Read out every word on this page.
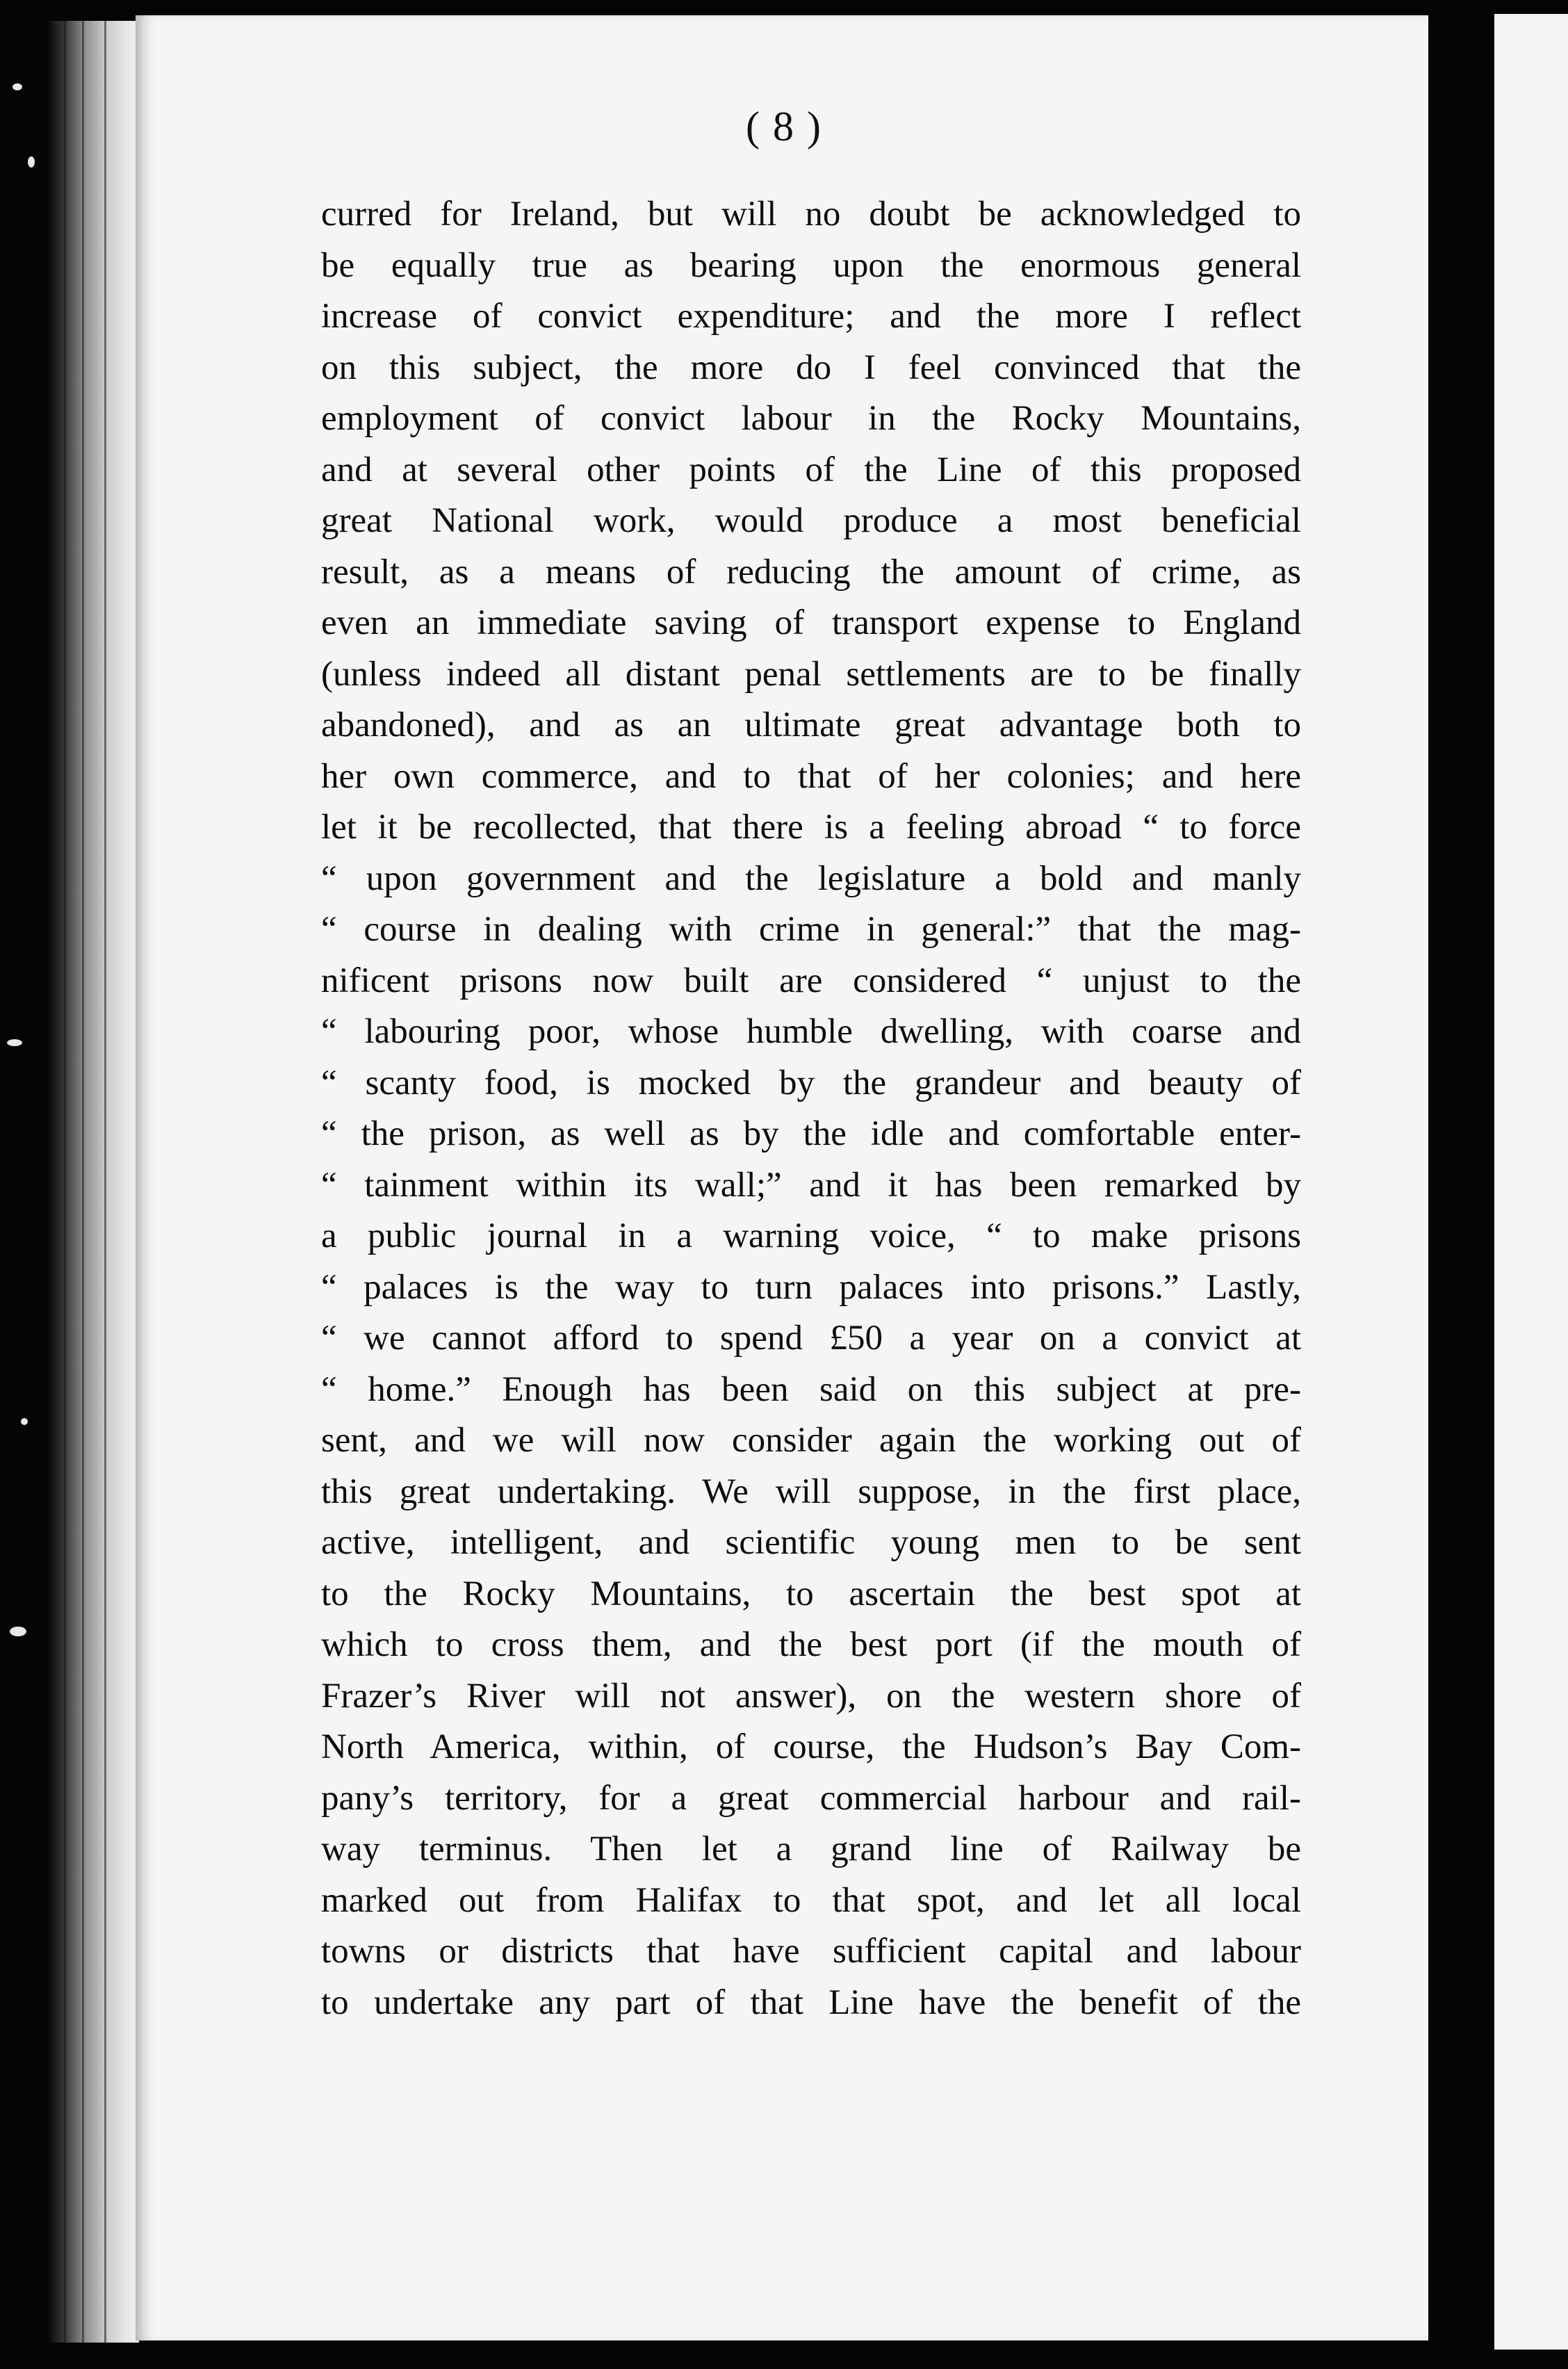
( 8 )
curred for Ireland, but will no doubt be acknowledged to
be equally true as bearing upon the enormous general
increase of convict expenditure; and the more I reflect
on this subject, the more do I feel convinced that the
employment of convict labour in the Rocky Mountains,
and at several other points of the Line of this proposed
great National work, would produce a most beneficial
result, as a means of reducing the amount of crime, as
even an immediate saving of transport expense to England
(unless indeed all distant penal settlements are to be finally
abandoned), and as an ultimate great advantage both to
her own commerce, and to that of her colonies; and here
let it be recollected, that there is a feeling abroad “ to force
“ upon government and the legislature a bold and manly
“ course in dealing with crime in general:” that the mag-
nificent prisons now built are considered “ unjust to the
“ labouring poor, whose humble dwelling, with coarse and
“ scanty food, is mocked by the grandeur and beauty of
“ the prison, as well as by the idle and comfortable enter-
“ tainment within its wall;” and it has been remarked by
a public journal in a warning voice, “ to make prisons
“ palaces is the way to turn palaces into prisons.” Lastly,
“ we cannot afford to spend £50 a year on a convict at
“ home.” Enough has been said on this subject at pre-
sent, and we will now consider again the working out of
this great undertaking. We will suppose, in the first place,
active, intelligent, and scientific young men to be sent
to the Rocky Mountains, to ascertain the best spot at
which to cross them, and the best port (if the mouth of
Frazer’s River will not answer), on the western shore of
North America, within, of course, the Hudson’s Bay Com-
pany’s territory, for a great commercial harbour and rail-
way terminus. Then let a grand line of Railway be
marked out from Halifax to that spot, and let all local
towns or districts that have sufficient capital and labour
to undertake any part of that Line have the benefit of the
